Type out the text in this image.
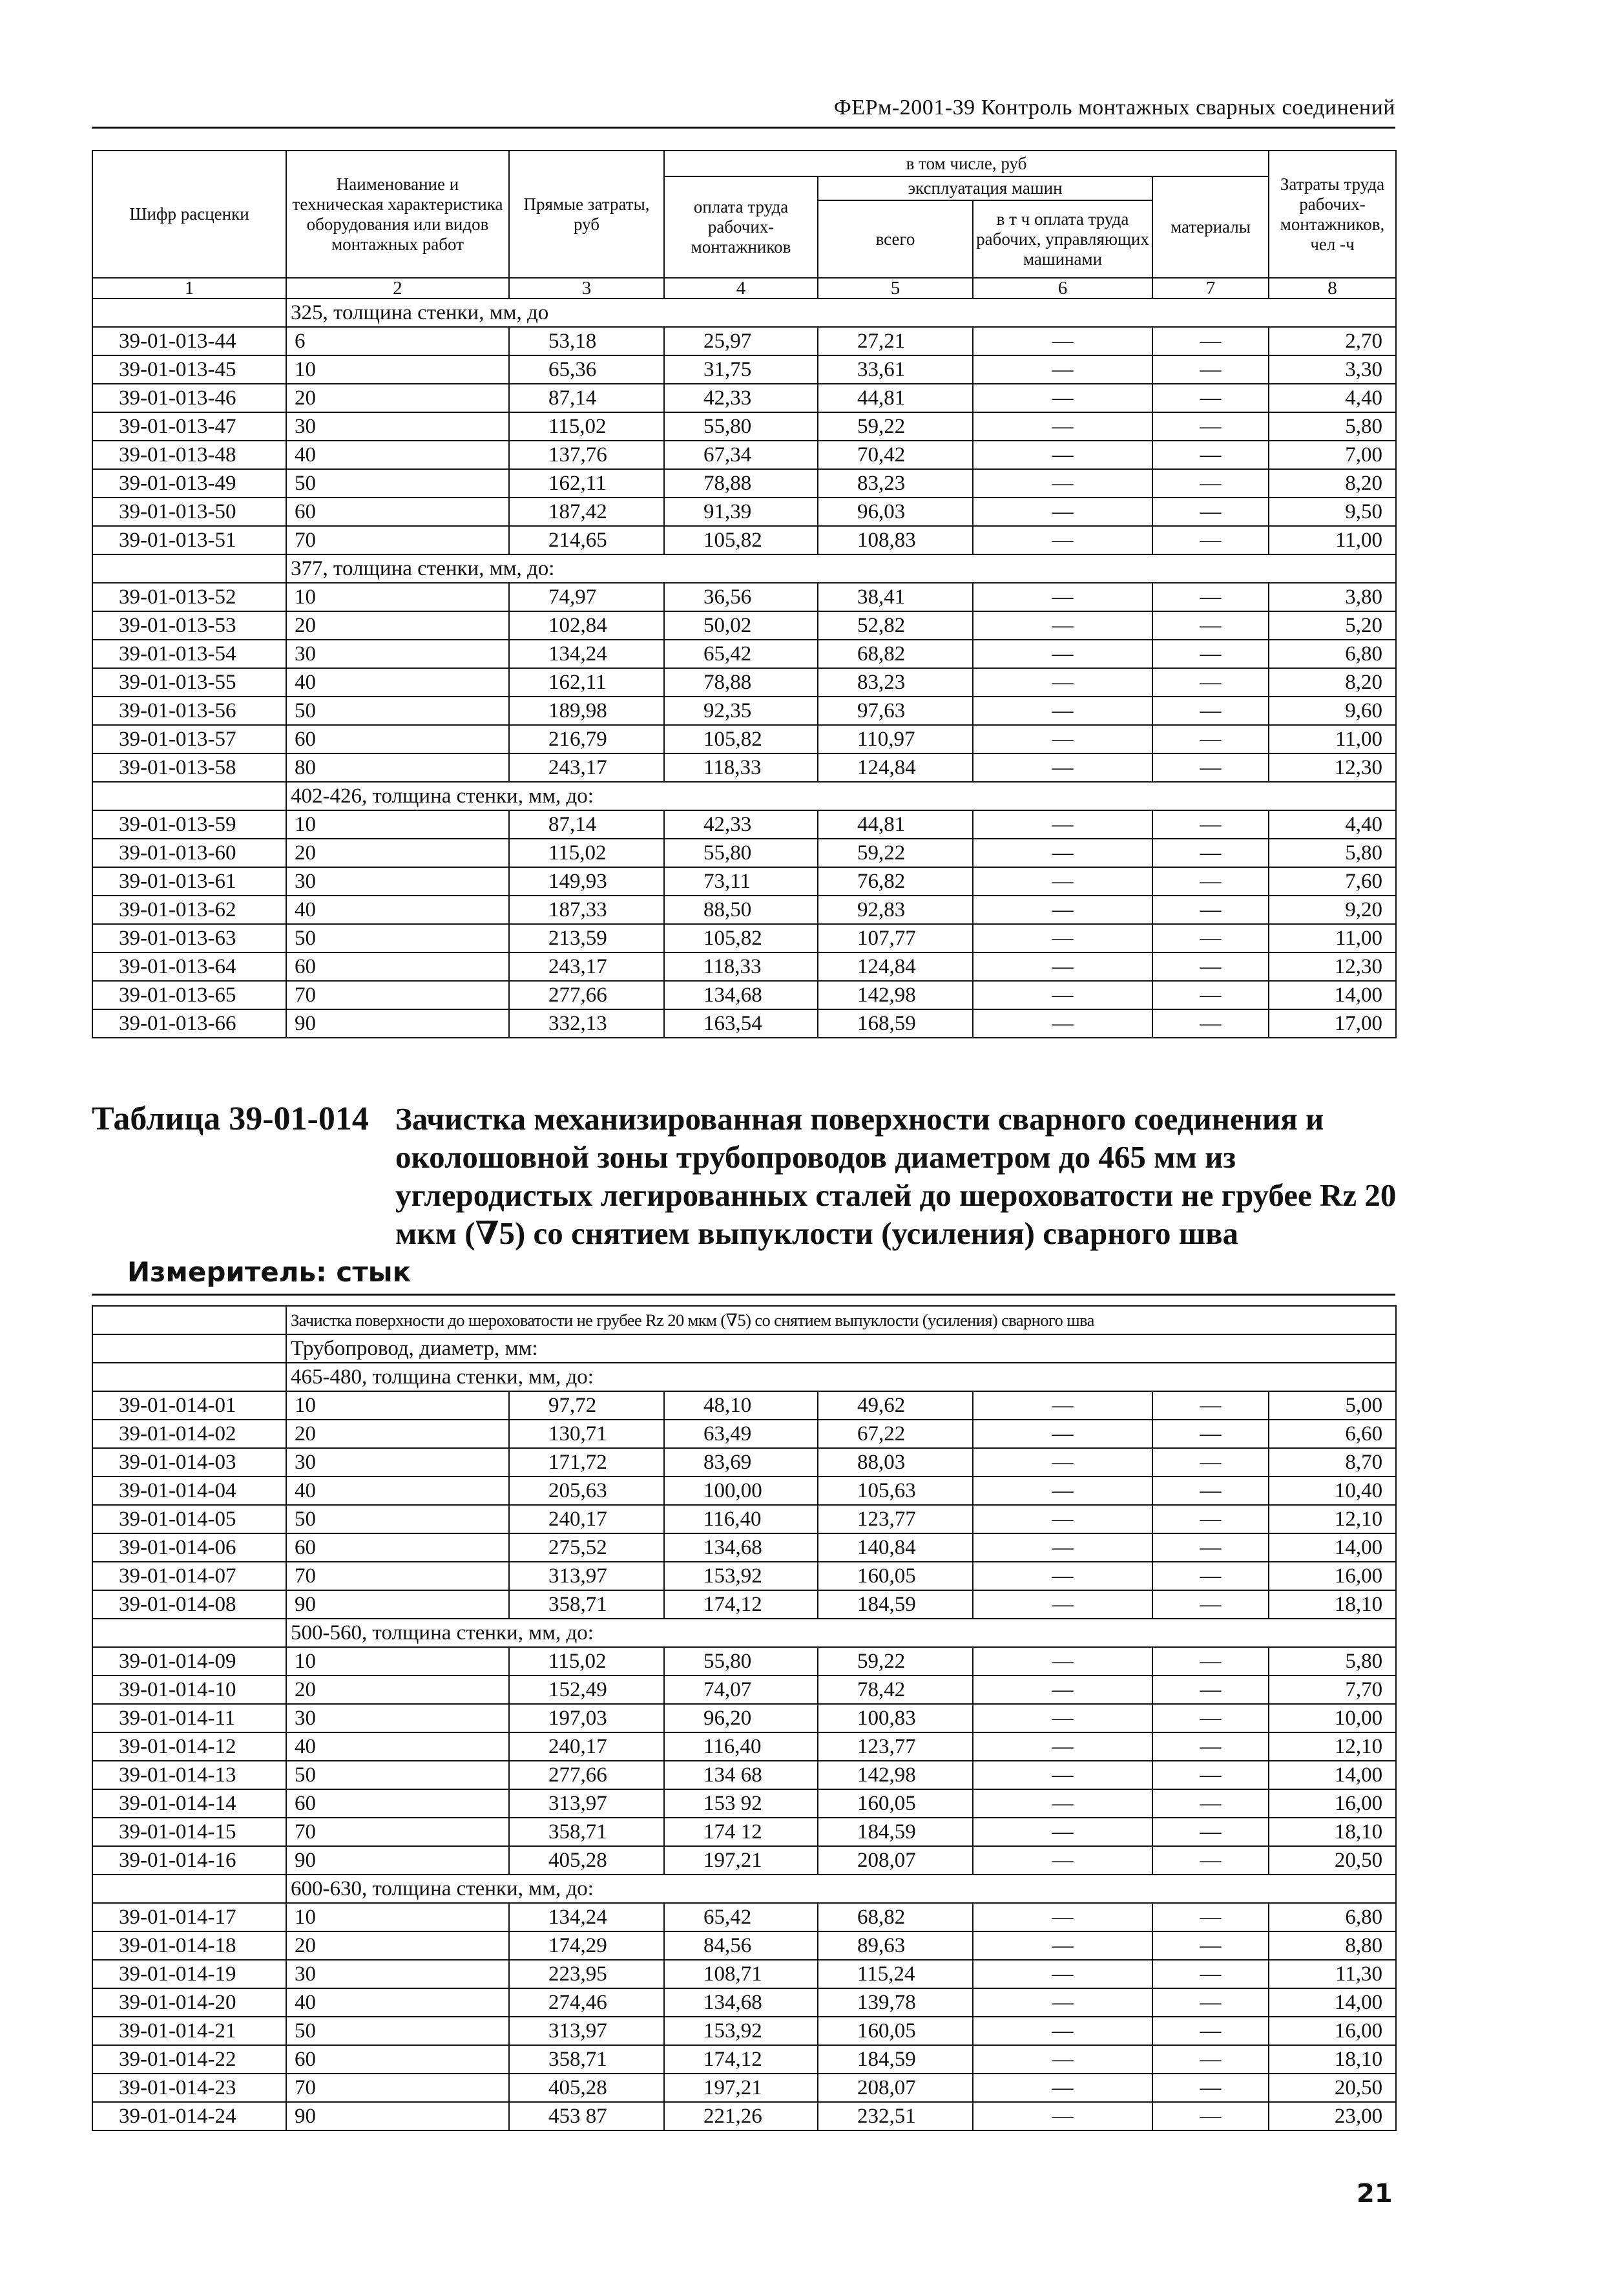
ФЕРм-2001-39 Контроль монтажных сварных соединений
Шифр расценки	Наименование и техническая характеристика оборудования или видов монтажных работ	Прямые затраты, руб	в том числе, руб				Затраты труда рабочих-монтажников, чел -ч
			оплата труда рабочих-монтажников	эксплуатация машин		материалы	
				всего	в т ч оплата труда рабочих, управляющих машинами		
1	2	3	4	5	6	7	8
	325, толщина стенки, мм, до						
39-01-013-44	6	53,18	25,97	27,21	—	—	2,70
39-01-013-45	10	65,36	31,75	33,61	—	—	3,30
39-01-013-46	20	87,14	42,33	44,81	—	—	4,40
39-01-013-47	30	115,02	55,80	59,22	—	—	5,80
39-01-013-48	40	137,76	67,34	70,42	—	—	7,00
39-01-013-49	50	162,11	78,88	83,23	—	—	8,20
39-01-013-50	60	187,42	91,39	96,03	—	—	9,50
39-01-013-51	70	214,65	105,82	108,83	—	—	11,00
	377, толщина стенки, мм, до:						
39-01-013-52	10	74,97	36,56	38,41	—	—	3,80
39-01-013-53	20	102,84	50,02	52,82	—	—	5,20
39-01-013-54	30	134,24	65,42	68,82	—	—	6,80
39-01-013-55	40	162,11	78,88	83,23	—	—	8,20
39-01-013-56	50	189,98	92,35	97,63	—	—	9,60
39-01-013-57	60	216,79	105,82	110,97	—	—	11,00
39-01-013-58	80	243,17	118,33	124,84	—	—	12,30
	402-426, толщина стенки, мм, до:						
39-01-013-59	10	87,14	42,33	44,81	—	—	4,40
39-01-013-60	20	115,02	55,80	59,22	—	—	5,80
39-01-013-61	30	149,93	73,11	76,82	—	—	7,60
39-01-013-62	40	187,33	88,50	92,83	—	—	9,20
39-01-013-63	50	213,59	105,82	107,77	—	—	11,00
39-01-013-64	60	243,17	118,33	124,84	—	—	12,30
39-01-013-65	70	277,66	134,68	142,98	—	—	14,00
39-01-013-66	90	332,13	163,54	168,59	—	—	17,00
Таблица 39-01-014 Зачистка механизированная поверхности сварного соединения и околошовной зоны трубопроводов диаметром до 465 мм из углеродистых легированных сталей до шероховатости не грубее Rz 20 мкм (∇5) со снятием выпуклости (усиления) сварного шва
Измеритель: стык
	Зачистка поверхности до шероховатости не грубее Rz 20 мкм (∇5) со снятием выпуклости (усиления) сварного шва						
	Трубопровод, диаметр, мм:						
	465-480, толщина стенки, мм, до:						
39-01-014-01	10	97,72	48,10	49,62	—	—	5,00
39-01-014-02	20	130,71	63,49	67,22	—	—	6,60
39-01-014-03	30	171,72	83,69	88,03	—	—	8,70
39-01-014-04	40	205,63	100,00	105,63	—	—	10,40
39-01-014-05	50	240,17	116,40	123,77	—	—	12,10
39-01-014-06	60	275,52	134,68	140,84	—	—	14,00
39-01-014-07	70	313,97	153,92	160,05	—	—	16,00
39-01-014-08	90	358,71	174,12	184,59	—	—	18,10
	500-560, толщина стенки, мм, до:						
39-01-014-09	10	115,02	55,80	59,22	—	—	5,80
39-01-014-10	20	152,49	74,07	78,42	—	—	7,70
39-01-014-11	30	197,03	96,20	100,83	—	—	10,00
39-01-014-12	40	240,17	116,40	123,77	—	—	12,10
39-01-014-13	50	277,66	134 68	142,98	—	—	14,00
39-01-014-14	60	313,97	153 92	160,05	—	—	16,00
39-01-014-15	70	358,71	174 12	184,59	—	—	18,10
39-01-014-16	90	405,28	197,21	208,07	—	—	20,50
	600-630, толщина стенки, мм, до:						
39-01-014-17	10	134,24	65,42	68,82	—	—	6,80
39-01-014-18	20	174,29	84,56	89,63	—	—	8,80
39-01-014-19	30	223,95	108,71	115,24	—	—	11,30
39-01-014-20	40	274,46	134,68	139,78	—	—	14,00
39-01-014-21	50	313,97	153,92	160,05	—	—	16,00
39-01-014-22	60	358,71	174,12	184,59	—	—	18,10
39-01-014-23	70	405,28	197,21	208,07	—	—	20,50
39-01-014-24	90	453 87	221,26	232,51	—	—	23,00
21
